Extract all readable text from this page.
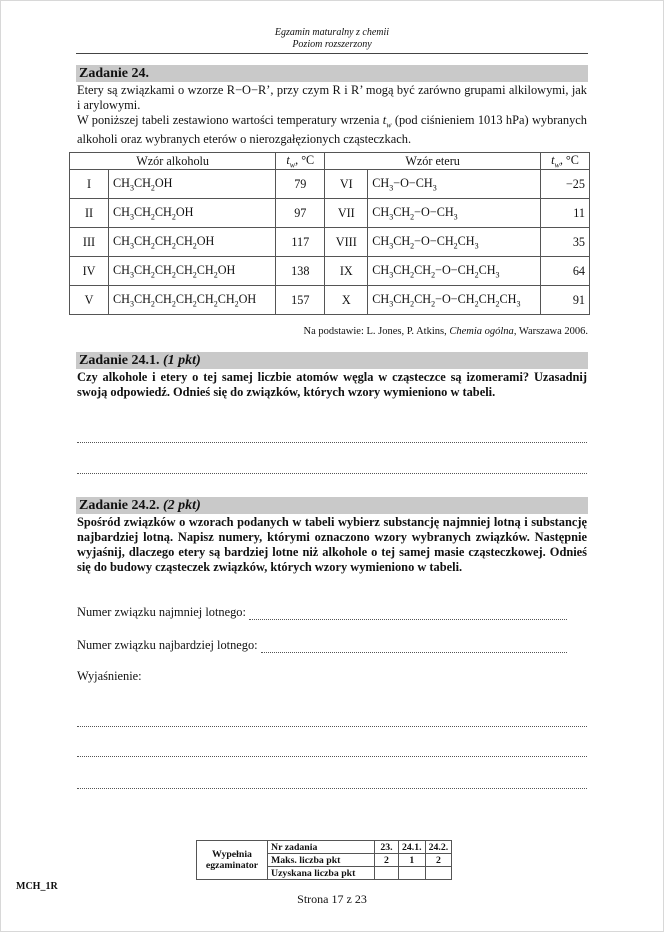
Egzamin maturalny z chemii
Poziom rozszerzony
Zadanie 24.
Etery są związkami o wzorze R−O−R’, przy czym R i R’ mogą być zarówno grupami alkilowymi, jak i arylowymi.
W poniższej tabeli zestawiono wartości temperatury wrzenia $t_w$ (pod ciśnieniem 1013 hPa) wybranych alkoholi oraz wybranych eterów o nierozgałęzionych cząsteczkach.
Wzór alkoholu		$t_w$, °C	Wzór eteru		$t_w$, °C
I	$CH_3CH_2OH$	79	VI	$CH_3-O-CH_3$	−25
II	$CH_3CH_2CH_2OH$	97	VII	$CH_3CH_2-O-CH_3$	11
III	$CH_3CH_2CH_2CH_2OH$	117	VIII	$CH_3CH_2-O-CH_2CH_3$	35
IV	$CH_3CH_2CH_2CH_2CH_2OH$	138	IX	$CH_3CH_2CH_2-O-CH_2CH_3$	64
V	$CH_3CH_2CH_2CH_2CH_2CH_2OH$	157	X	$CH_3CH_2CH_2-O-CH_2CH_2CH_3$	91
Na podstawie: L. Jones, P. Atkins, Chemia ogólna, Warszawa 2006.
Zadanie 24.1. (1 pkt)
Czy alkohole i etery o tej samej liczbie atomów węgla w cząsteczce są izomerami? Uzasadnij swoją odpowiedź. Odnieś się do związków, których wzory wymieniono w tabeli.
Zadanie 24.2. (2 pkt)
Spośród związków o wzorach podanych w tabeli wybierz substancję najmniej lotną i substancję najbardziej lotną. Napisz numery, którymi oznaczono wzory wybranych związków. Następnie wyjaśnij, dlaczego etery są bardziej lotne niż alkohole o tej samej masie cząsteczkowej. Odnieś się do budowy cząsteczek związków, których wzory wymieniono w tabeli.
Numer związku najmniej lotnego:
Numer związku najbardziej lotnego:
Wyjaśnienie:
Wypełnia
egzaminator	Nr zadania	23.	24.1.	24.2.
	Maks. liczba pkt	2	1	2
	Uzyskana liczba pkt			
MCH_1R
Strona 17 z 23
